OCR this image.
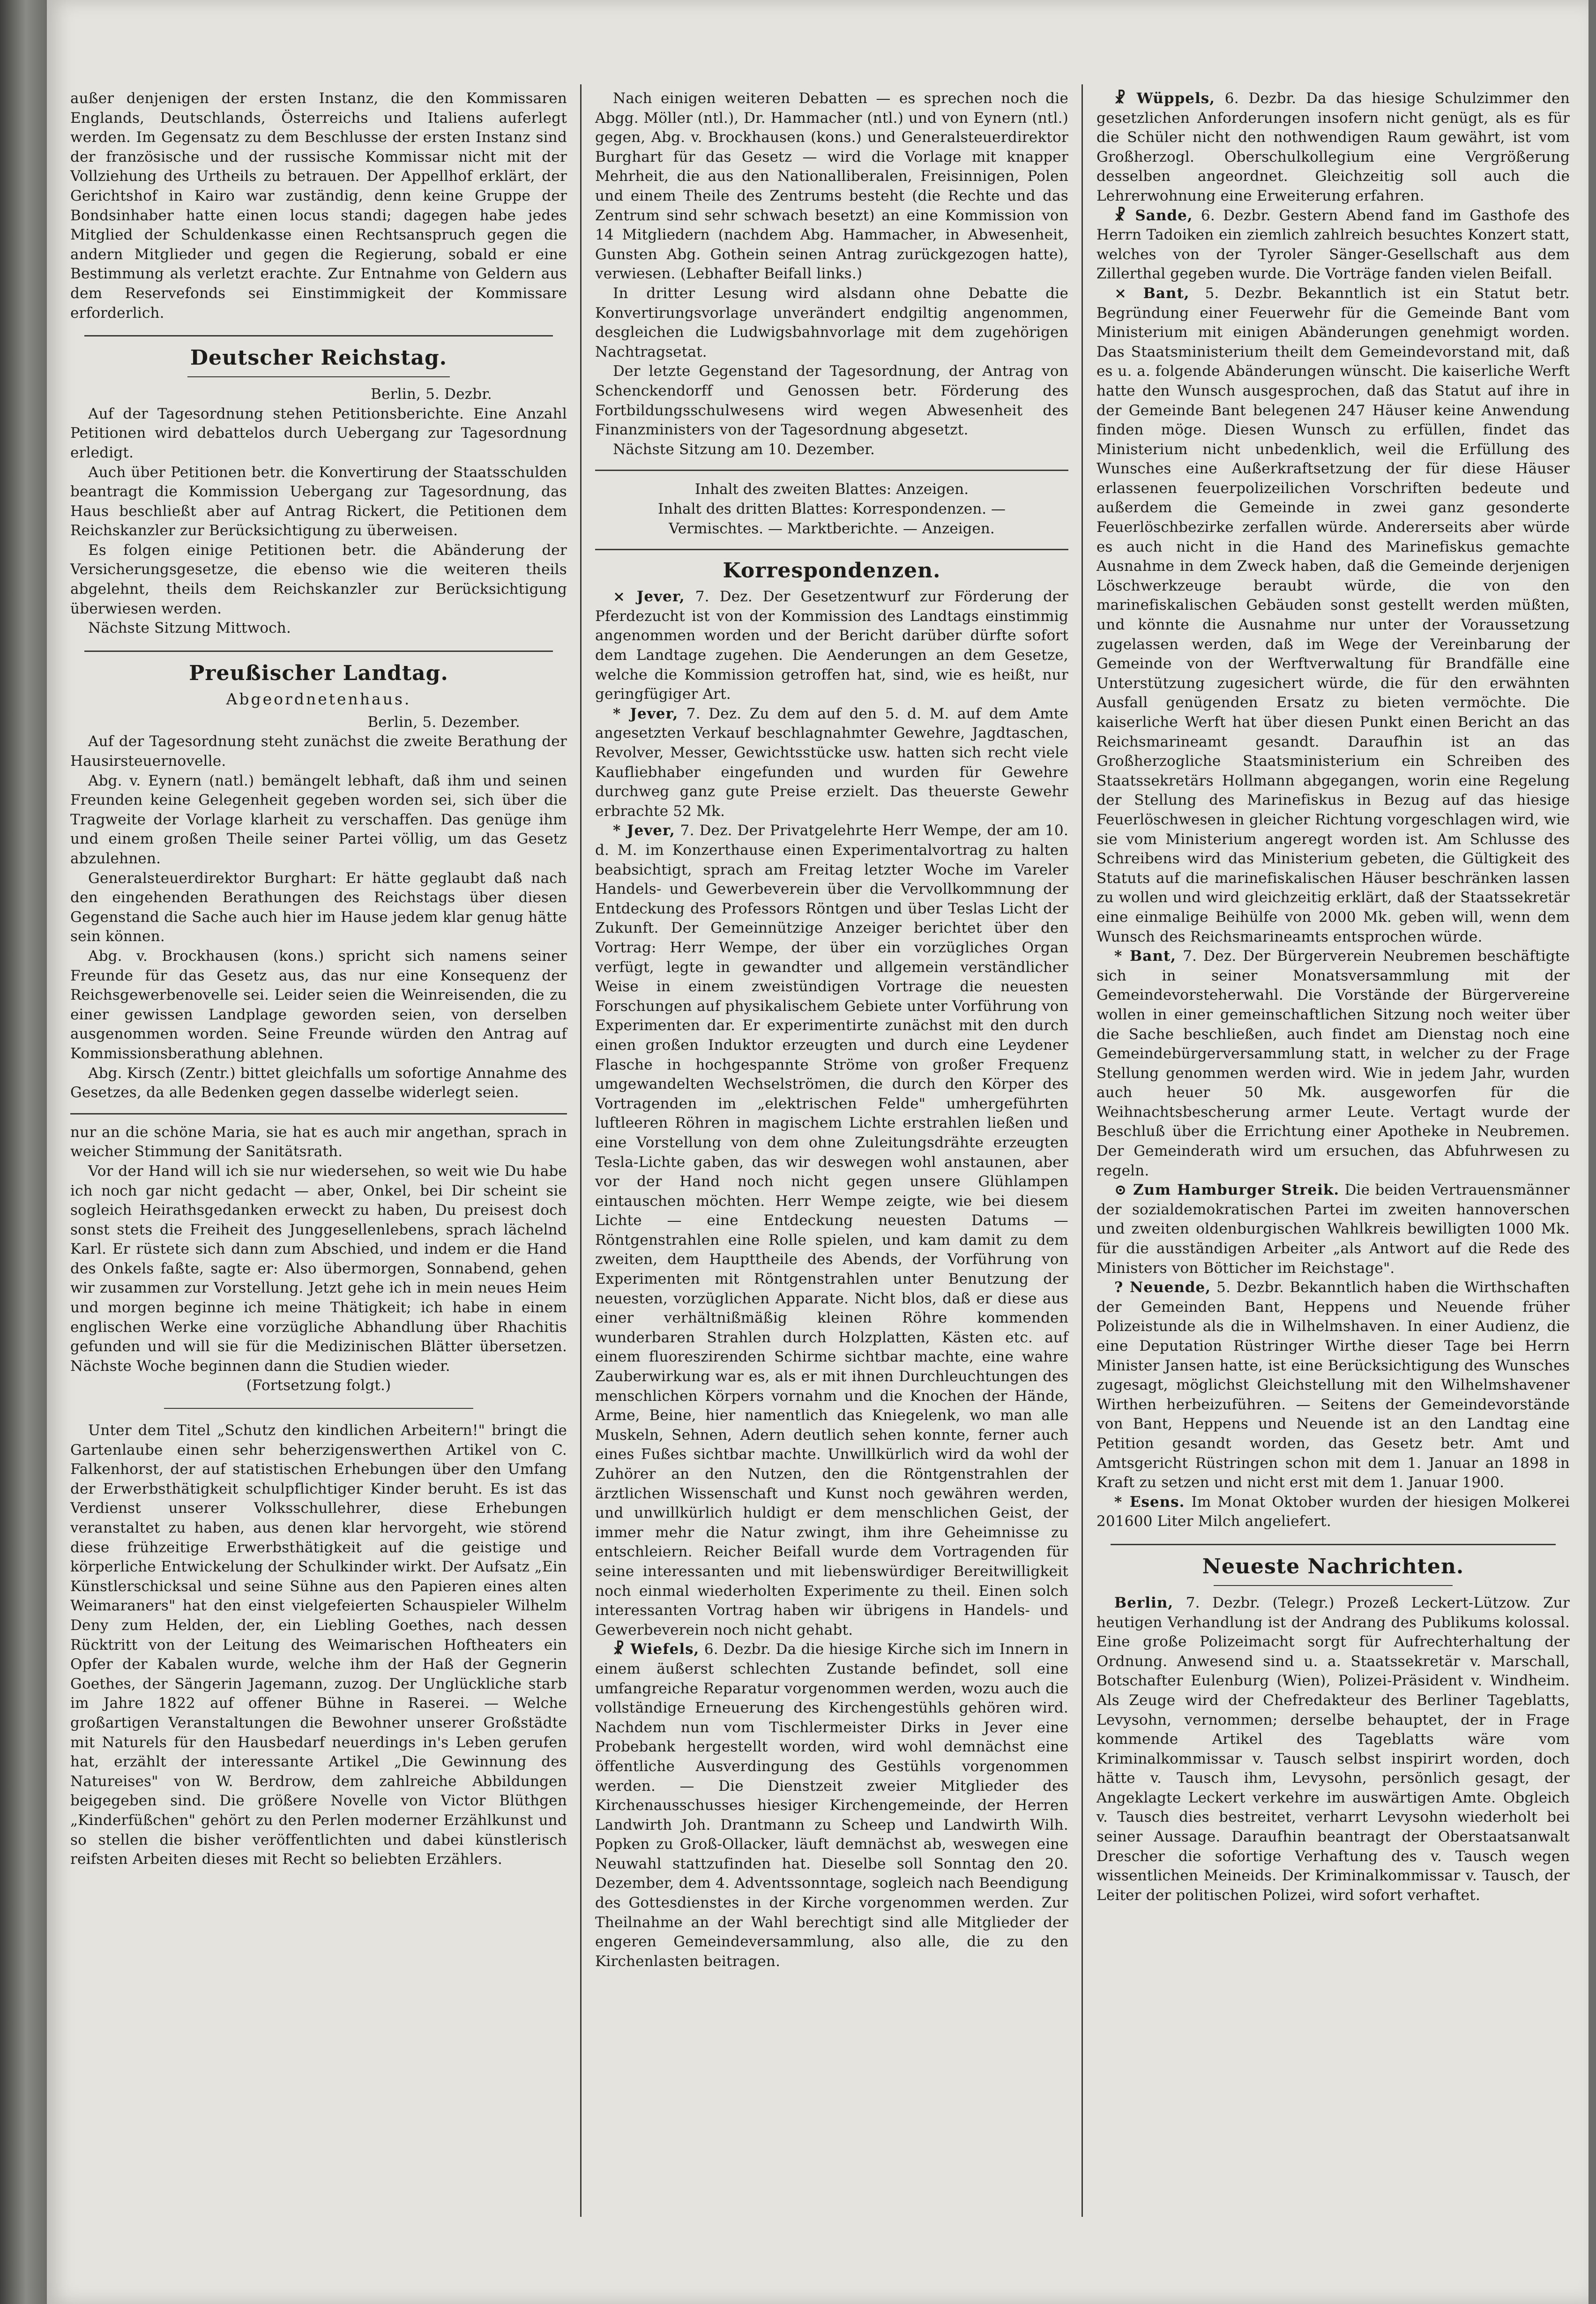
außer denjenigen der ersten Instanz, die den Kommissaren Englands, Deutschlands, Österreichs und Italiens auferlegt werden. Im Gegensatz zu dem Beschlusse der ersten Instanz sind der französische und der russische Kommissar nicht mit der Vollziehung des Urtheils zu betrauen. Der Appellhof erklärt, der Gerichtshof in Kairo war zuständig, denn keine Gruppe der Bondsinhaber hatte einen locus standi; dagegen habe jedes Mitglied der Schuldenkasse einen Rechtsanspruch gegen die andern Mitglieder und gegen die Regierung, sobald er eine Bestimmung als verletzt erachte. Zur Entnahme von Geldern aus dem Reservefonds sei Einstimmigkeit der Kommissare erforderlich.

Deutscher Reichstag.

Berlin, 5. Dezbr.

Auf der Tagesordnung stehen Petitionsberichte. Eine Anzahl Petitionen wird debattelos durch Uebergang zur Tagesordnung erledigt.

Auch über Petitionen betr. die Konvertirung der Staatsschulden beantragt die Kommission Uebergang zur Tagesordnung, das Haus beschließt aber auf Antrag Rickert, die Petitionen dem Reichskanzler zur Berücksichtigung zu überweisen.

Es folgen einige Petitionen betr. die Abänderung der Versicherungsgesetze, die ebenso wie die weiteren theils abgelehnt, theils dem Reichskanzler zur Berücksichtigung überwiesen werden.

Nächste Sitzung Mittwoch.

Preußischer Landtag.
Abgeordnetenhaus.

Berlin, 5. Dezember.

Auf der Tagesordnung steht zunächst die zweite Berathung der Hausirsteuernovelle.

Abg. v. Eynern (natl.) bemängelt lebhaft, daß ihm und seinen Freunden keine Gelegenheit gegeben worden sei, sich über die Tragweite der Vorlage klarheit zu verschaffen. Das genüge ihm und einem großen Theile seiner Partei völlig, um das Gesetz abzulehnen.

Generalsteuerdirektor Burghart: Er hätte geglaubt daß nach den eingehenden Berathungen des Reichstags über diesen Gegenstand die Sache auch hier im Hause jedem klar genug hätte sein können.

Abg. v. Brockhausen (kons.) spricht sich namens seiner Freunde für das Gesetz aus, das nur eine Konsequenz der Reichsgewerbenovelle sei. Leider seien die Weinreisenden, die zu einer gewissen Landplage geworden seien, von derselben ausgenommen worden. Seine Freunde würden den Antrag auf Kommissionsberathung ablehnen.

Abg. Kirsch (Zentr.) bittet gleichfalls um sofortige Annahme des Gesetzes, da alle Bedenken gegen dasselbe widerlegt seien.

nur an die schöne Maria, sie hat es auch mir angethan, sprach in weicher Stimmung der Sanitätsrath.

Vor der Hand will ich sie nur wiedersehen, so weit wie Du habe ich noch gar nicht gedacht — aber, Onkel, bei Dir scheint sie sogleich Heirathsgedanken erweckt zu haben, Du preisest doch sonst stets die Freiheit des Junggesellenlebens, sprach lächelnd Karl. Er rüstete sich dann zum Abschied, und indem er die Hand des Onkels faßte, sagte er: Also übermorgen, Sonnabend, gehen wir zusammen zur Vorstellung. Jetzt gehe ich in mein neues Heim und morgen beginne ich meine Thätigkeit; ich habe in einem englischen Werke eine vorzügliche Abhandlung über Rhachitis gefunden und will sie für die Medizinischen Blätter übersetzen. Nächste Woche beginnen dann die Studien wieder.

(Fortsetzung folgt.)

Unter dem Titel „Schutz den kindlichen Arbeitern!" bringt die Gartenlaube einen sehr beherzigenswerthen Artikel von C. Falkenhorst, der auf statistischen Erhebungen über den Umfang der Erwerbsthätigkeit schulpflichtiger Kinder beruht. Es ist das Verdienst unserer Volksschullehrer, diese Erhebungen veranstaltet zu haben, aus denen klar hervorgeht, wie störend diese frühzeitige Erwerbsthätigkeit auf die geistige und körperliche Entwickelung der Schulkinder wirkt. Der Aufsatz „Ein Künstlerschicksal und seine Sühne aus den Papieren eines alten Weimaraners" hat den einst vielgefeierten Schauspieler Wilhelm Deny zum Helden, der, ein Liebling Goethes, nach dessen Rücktritt von der Leitung des Weimarischen Hoftheaters ein Opfer der Kabalen wurde, welche ihm der Haß der Gegnerin Goethes, der Sängerin Jagemann, zuzog. Der Unglückliche starb im Jahre 1822 auf offener Bühne in Raserei. — Welche großartigen Veranstaltungen die Bewohner unserer Großstädte mit Naturels für den Hausbedarf neuerdings in's Leben gerufen hat, erzählt der interessante Artikel „Die Gewinnung des Natureises" von W. Berdrow, dem zahlreiche Abbildungen beigegeben sind. Die größere Novelle von Victor Blüthgen „Kinderfüßchen" gehört zu den Perlen moderner Erzählkunst und so stellen die bisher veröffentlichten und dabei künstlerisch reifsten Arbeiten dieses mit Recht so beliebten Erzählers.

Nach einigen weiteren Debatten — es sprechen noch die Abgg. Möller (ntl.), Dr. Hammacher (ntl.) und von Eynern (ntl.) gegen, Abg. v. Brockhausen (kons.) und Generalsteuerdirektor Burghart für das Gesetz — wird die Vorlage mit knapper Mehrheit, die aus den Nationalliberalen, Freisinnigen, Polen und einem Theile des Zentrums besteht (die Rechte und das Zentrum sind sehr schwach besetzt) an eine Kommission von 14 Mitgliedern (nachdem Abg. Hammacher, in Abwesenheit, Gunsten Abg. Gothein seinen Antrag zurückgezogen hatte), verwiesen. (Lebhafter Beifall links.)

In dritter Lesung wird alsdann ohne Debatte die Konvertirungsvorlage unverändert endgiltig angenommen, desgleichen die Ludwigsbahnvorlage mit dem zugehörigen Nachtragsetat.

Der letzte Gegenstand der Tagesordnung, der Antrag von Schenckendorff und Genossen betr. Förderung des Fortbildungsschulwesens wird wegen Abwesenheit des Finanzministers von der Tagesordnung abgesetzt.

Nächste Sitzung am 10. Dezember.

Inhalt des zweiten Blattes: Anzeigen.

Inhalt des dritten Blattes: Korrespondenzen. —

Vermischtes. — Marktberichte. — Anzeigen.

Korrespondenzen.

× Jever, 7. Dez. Der Gesetzentwurf zur Förderung der Pferdezucht ist von der Kommission des Landtags einstimmig angenommen worden und der Bericht darüber dürfte sofort dem Landtage zugehen. Die Aenderungen an dem Gesetze, welche die Kommission getroffen hat, sind, wie es heißt, nur geringfügiger Art.

* Jever, 7. Dez. Zu dem auf den 5. d. M. auf dem Amte angesetzten Verkauf beschlagnahmter Gewehre, Jagdtaschen, Revolver, Messer, Gewichtsstücke usw. hatten sich recht viele Kaufliebhaber eingefunden und wurden für Gewehre durchweg ganz gute Preise erzielt. Das theuerste Gewehr erbrachte 52 Mk.

* Jever, 7. Dez. Der Privatgelehrte Herr Wempe, der am 10. d. M. im Konzerthause einen Experimentalvortrag zu halten beabsichtigt, sprach am Freitag letzter Woche im Vareler Handels- und Gewerbeverein über die Vervollkommnung der Entdeckung des Professors Röntgen und über Teslas Licht der Zukunft. Der Gemeinnützige Anzeiger berichtet über den Vortrag: Herr Wempe, der über ein vorzügliches Organ verfügt, legte in gewandter und allgemein verständlicher Weise in einem zweistündigen Vortrage die neuesten Forschungen auf physikalischem Gebiete unter Vorführung von Experimenten dar. Er experimentirte zunächst mit den durch einen großen Induktor erzeugten und durch eine Leydener Flasche in hochgespannte Ströme von großer Frequenz umgewandelten Wechselströmen, die durch den Körper des Vortragenden im „elektrischen Felde" umhergeführten luftleeren Röhren in magischem Lichte erstrahlen ließen und eine Vorstellung von dem ohne Zuleitungsdrähte erzeugten Tesla-Lichte gaben, das wir deswegen wohl anstaunen, aber vor der Hand noch nicht gegen unsere Glühlampen eintauschen möchten. Herr Wempe zeigte, wie bei diesem Lichte — eine Entdeckung neuesten Datums — Röntgenstrahlen eine Rolle spielen, und kam damit zu dem zweiten, dem Haupttheile des Abends, der Vorführung von Experimenten mit Röntgenstrahlen unter Benutzung der neuesten, vorzüglichen Apparate. Nicht blos, daß er diese aus einer verhältnißmäßig kleinen Röhre kommenden wunderbaren Strahlen durch Holzplatten, Kästen etc. auf einem fluoreszirenden Schirme sichtbar machte, eine wahre Zauberwirkung war es, als er mit ihnen Durchleuchtungen des menschlichen Körpers vornahm und die Knochen der Hände, Arme, Beine, hier namentlich das Kniegelenk, wo man alle Muskeln, Sehnen, Adern deutlich sehen konnte, ferner auch eines Fußes sichtbar machte. Unwillkürlich wird da wohl der Zuhörer an den Nutzen, den die Röntgenstrahlen der ärztlichen Wissenschaft und Kunst noch gewähren werden, und unwillkürlich huldigt er dem menschlichen Geist, der immer mehr die Natur zwingt, ihm ihre Geheimnisse zu entschleiern. Reicher Beifall wurde dem Vortragenden für seine interessanten und mit liebenswürdiger Bereitwilligkeit noch einmal wiederholten Experimente zu theil. Einen solch interessanten Vortrag haben wir übrigens in Handels- und Gewerbeverein noch nicht gehabt.

☧ Wiefels, 6. Dezbr. Da die hiesige Kirche sich im Innern in einem äußerst schlechten Zustande befindet, soll eine umfangreiche Reparatur vorgenommen werden, wozu auch die vollständige Erneuerung des Kirchengestühls gehören wird. Nachdem nun vom Tischlermeister Dirks in Jever eine Probebank hergestellt worden, wird wohl demnächst eine öffentliche Ausverdingung des Gestühls vorgenommen werden. — Die Dienstzeit zweier Mitglieder des Kirchenausschusses hiesiger Kirchengemeinde, der Herren Landwirth Joh. Drantmann zu Scheep und Landwirth Wilh. Popken zu Groß-Ollacker, läuft demnächst ab, weswegen eine Neuwahl stattzufinden hat. Dieselbe soll Sonntag den 20. Dezember, dem 4. Adventssonntage, sogleich nach Beendigung des Gottesdienstes in der Kirche vorgenommen werden. Zur Theilnahme an der Wahl berechtigt sind alle Mitglieder der engeren Gemeindeversammlung, also alle, die zu den Kirchenlasten beitragen.

☧ Wüppels, 6. Dezbr. Da das hiesige Schulzimmer den gesetzlichen Anforderungen insofern nicht genügt, als es für die Schüler nicht den nothwendigen Raum gewährt, ist vom Großherzogl. Oberschulkollegium eine Vergrößerung desselben angeordnet. Gleichzeitig soll auch die Lehrerwohnung eine Erweiterung erfahren.

☧ Sande, 6. Dezbr. Gestern Abend fand im Gasthofe des Herrn Tadoiken ein ziemlich zahlreich besuchtes Konzert statt, welches von der Tyroler Sänger-Gesellschaft aus dem Zillerthal gegeben wurde. Die Vorträge fanden vielen Beifall.

× Bant, 5. Dezbr. Bekanntlich ist ein Statut betr. Begründung einer Feuerwehr für die Gemeinde Bant vom Ministerium mit einigen Abänderungen genehmigt worden. Das Staatsministerium theilt dem Gemeindevorstand mit, daß es u. a. folgende Abänderungen wünscht. Die kaiserliche Werft hatte den Wunsch ausgesprochen, daß das Statut auf ihre in der Gemeinde Bant belegenen 247 Häuser keine Anwendung finden möge. Diesen Wunsch zu erfüllen, findet das Ministerium nicht unbedenklich, weil die Erfüllung des Wunsches eine Außerkraftsetzung der für diese Häuser erlassenen feuerpolizeilichen Vorschriften bedeute und außerdem die Gemeinde in zwei ganz gesonderte Feuerlöschbezirke zerfallen würde. Andererseits aber würde es auch nicht in die Hand des Marinefiskus gemachte Ausnahme in dem Zweck haben, daß die Gemeinde derjenigen Löschwerkzeuge beraubt würde, die von den marinefiskalischen Gebäuden sonst gestellt werden müßten, und könnte die Ausnahme nur unter der Voraussetzung zugelassen werden, daß im Wege der Vereinbarung der Gemeinde von der Werftverwaltung für Brandfälle eine Unterstützung zugesichert würde, die für den erwähnten Ausfall genügenden Ersatz zu bieten vermöchte. Die kaiserliche Werft hat über diesen Punkt einen Bericht an das Reichsmarineamt gesandt. Daraufhin ist an das Großherzogliche Staatsministerium ein Schreiben des Staatssekretärs Hollmann abgegangen, worin eine Regelung der Stellung des Marinefiskus in Bezug auf das hiesige Feuerlöschwesen in gleicher Richtung vorgeschlagen wird, wie sie vom Ministerium angeregt worden ist. Am Schlusse des Schreibens wird das Ministerium gebeten, die Gültigkeit des Statuts auf die marinefiskalischen Häuser beschränken lassen zu wollen und wird gleichzeitig erklärt, daß der Staatssekretär eine einmalige Beihülfe von 2000 Mk. geben will, wenn dem Wunsch des Reichsmarineamts entsprochen würde.

* Bant, 7. Dez. Der Bürgerverein Neubremen beschäftigte sich in seiner Monatsversammlung mit der Gemeindevorsteherwahl. Die Vorstände der Bürgervereine wollen in einer gemeinschaftlichen Sitzung noch weiter über die Sache beschließen, auch findet am Dienstag noch eine Gemeindebürgerversammlung statt, in welcher zu der Frage Stellung genommen werden wird. Wie in jedem Jahr, wurden auch heuer 50 Mk. ausgeworfen für die Weihnachtsbescherung armer Leute. Vertagt wurde der Beschluß über die Errichtung einer Apotheke in Neubremen. Der Gemeinderath wird um ersuchen, das Abfuhrwesen zu regeln.

⊙ Zum Hamburger Streik. Die beiden Vertrauensmänner der sozialdemokratischen Partei im zweiten hannoverschen und zweiten oldenburgischen Wahlkreis bewilligten 1000 Mk. für die ausständigen Arbeiter „als Antwort auf die Rede des Ministers von Bötticher im Reichstage".

? Neuende, 5. Dezbr. Bekanntlich haben die Wirthschaften der Gemeinden Bant, Heppens und Neuende früher Polizeistunde als die in Wilhelmshaven. In einer Audienz, die eine Deputation Rüstringer Wirthe dieser Tage bei Herrn Minister Jansen hatte, ist eine Berücksichtigung des Wunsches zugesagt, möglichst Gleichstellung mit den Wilhelmshavener Wirthen herbeizuführen. — Seitens der Gemeindevorstände von Bant, Heppens und Neuende ist an den Landtag eine Petition gesandt worden, das Gesetz betr. Amt und Amtsgericht Rüstringen schon mit dem 1. Januar an 1898 in Kraft zu setzen und nicht erst mit dem 1. Januar 1900.

* Esens. Im Monat Oktober wurden der hiesigen Molkerei 201600 Liter Milch angeliefert.

Neueste Nachrichten.

Berlin, 7. Dezbr. (Telegr.) Prozeß Leckert-Lützow. Zur heutigen Verhandlung ist der Andrang des Publikums kolossal. Eine große Polizeimacht sorgt für Aufrechterhaltung der Ordnung. Anwesend sind u. a. Staatssekretär v. Marschall, Botschafter Eulenburg (Wien), Polizei-Präsident v. Windheim. Als Zeuge wird der Chefredakteur des Berliner Tageblatts, Levysohn, vernommen; derselbe behauptet, der in Frage kommende Artikel des Tageblatts wäre vom Kriminalkommissar v. Tausch selbst inspirirt worden, doch hätte v. Tausch ihm, Levysohn, persönlich gesagt, der Angeklagte Leckert verkehre im auswärtigen Amte. Obgleich v. Tausch dies bestreitet, verharrt Levysohn wiederholt bei seiner Aussage. Daraufhin beantragt der Oberstaatsanwalt Drescher die sofortige Verhaftung des v. Tausch wegen wissentlichen Meineids. Der Kriminalkommissar v. Tausch, der Leiter der politischen Polizei, wird sofort verhaftet.
